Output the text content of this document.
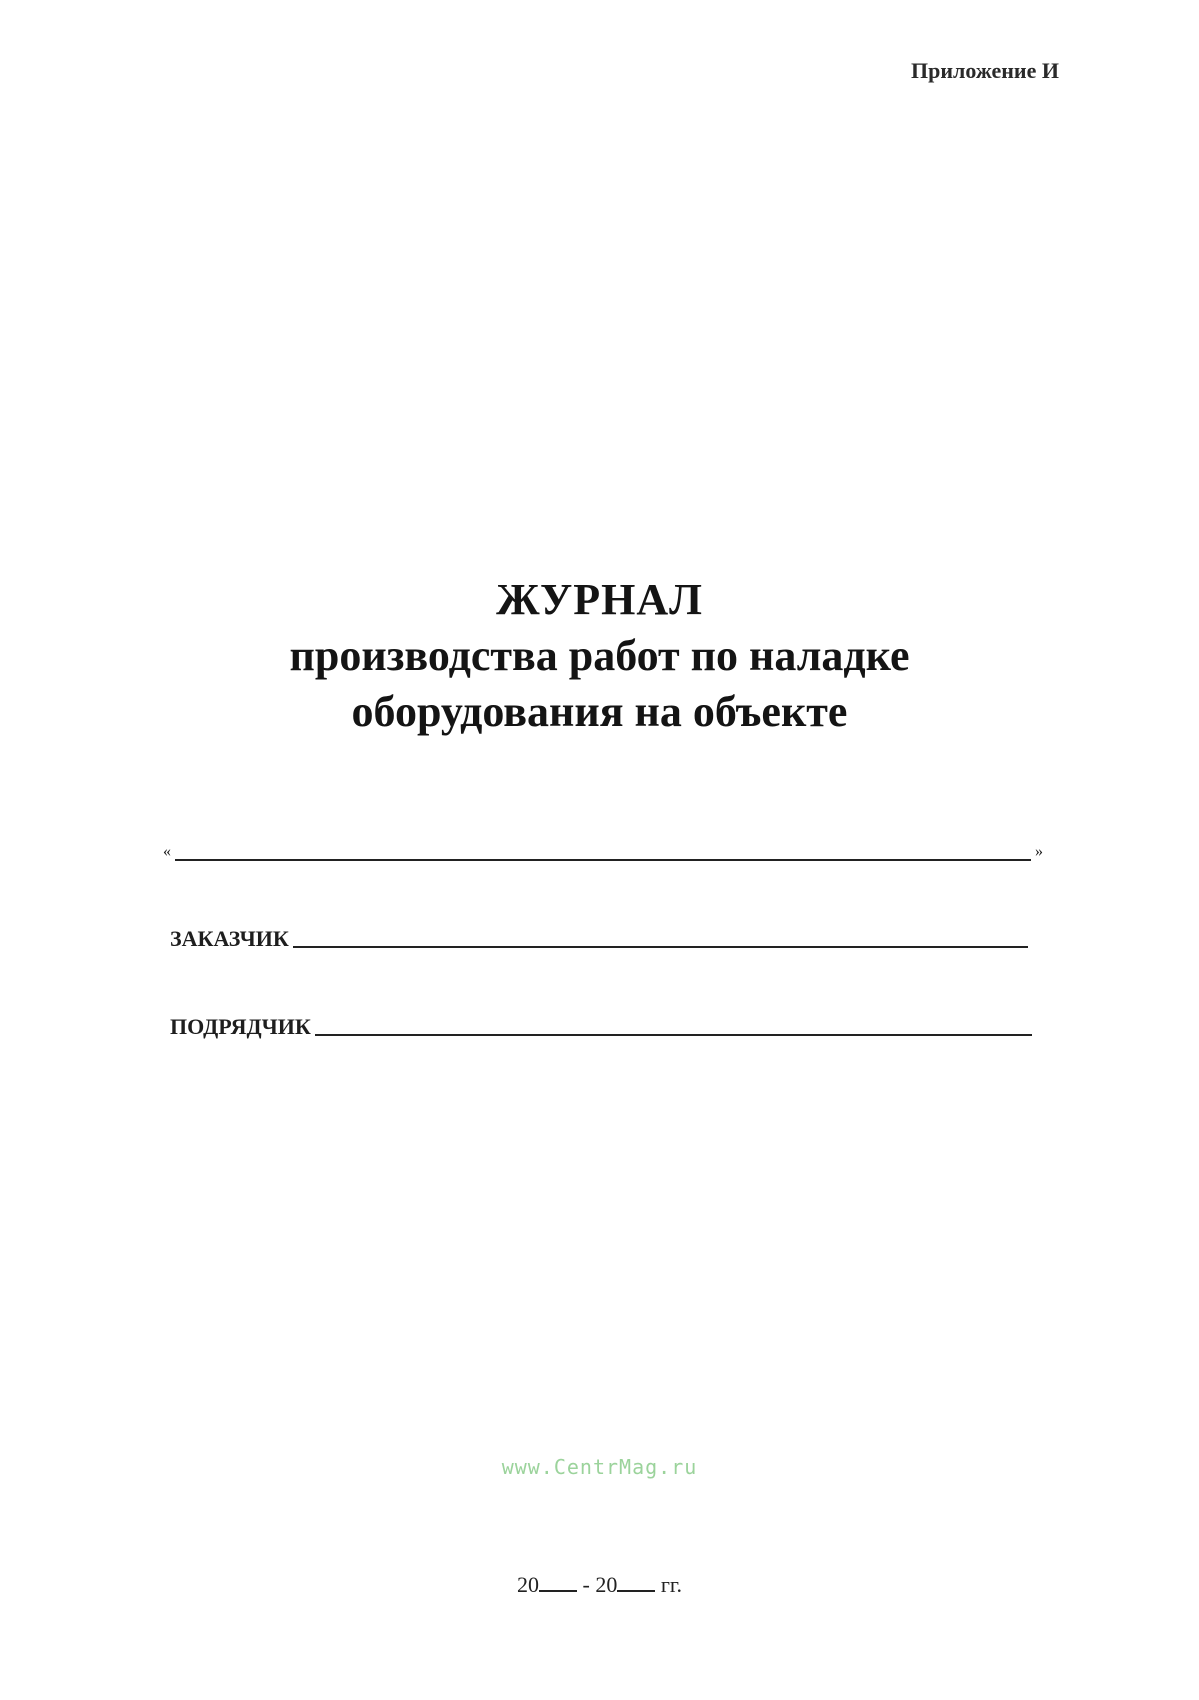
Приложение И
ЖУРНАЛ
производства работ по наладке
оборудования на объекте
«	»
ЗАКАЗЧИК
ПОДРЯДЧИК
www.CentrMag.ru
20 - 20 гг.
